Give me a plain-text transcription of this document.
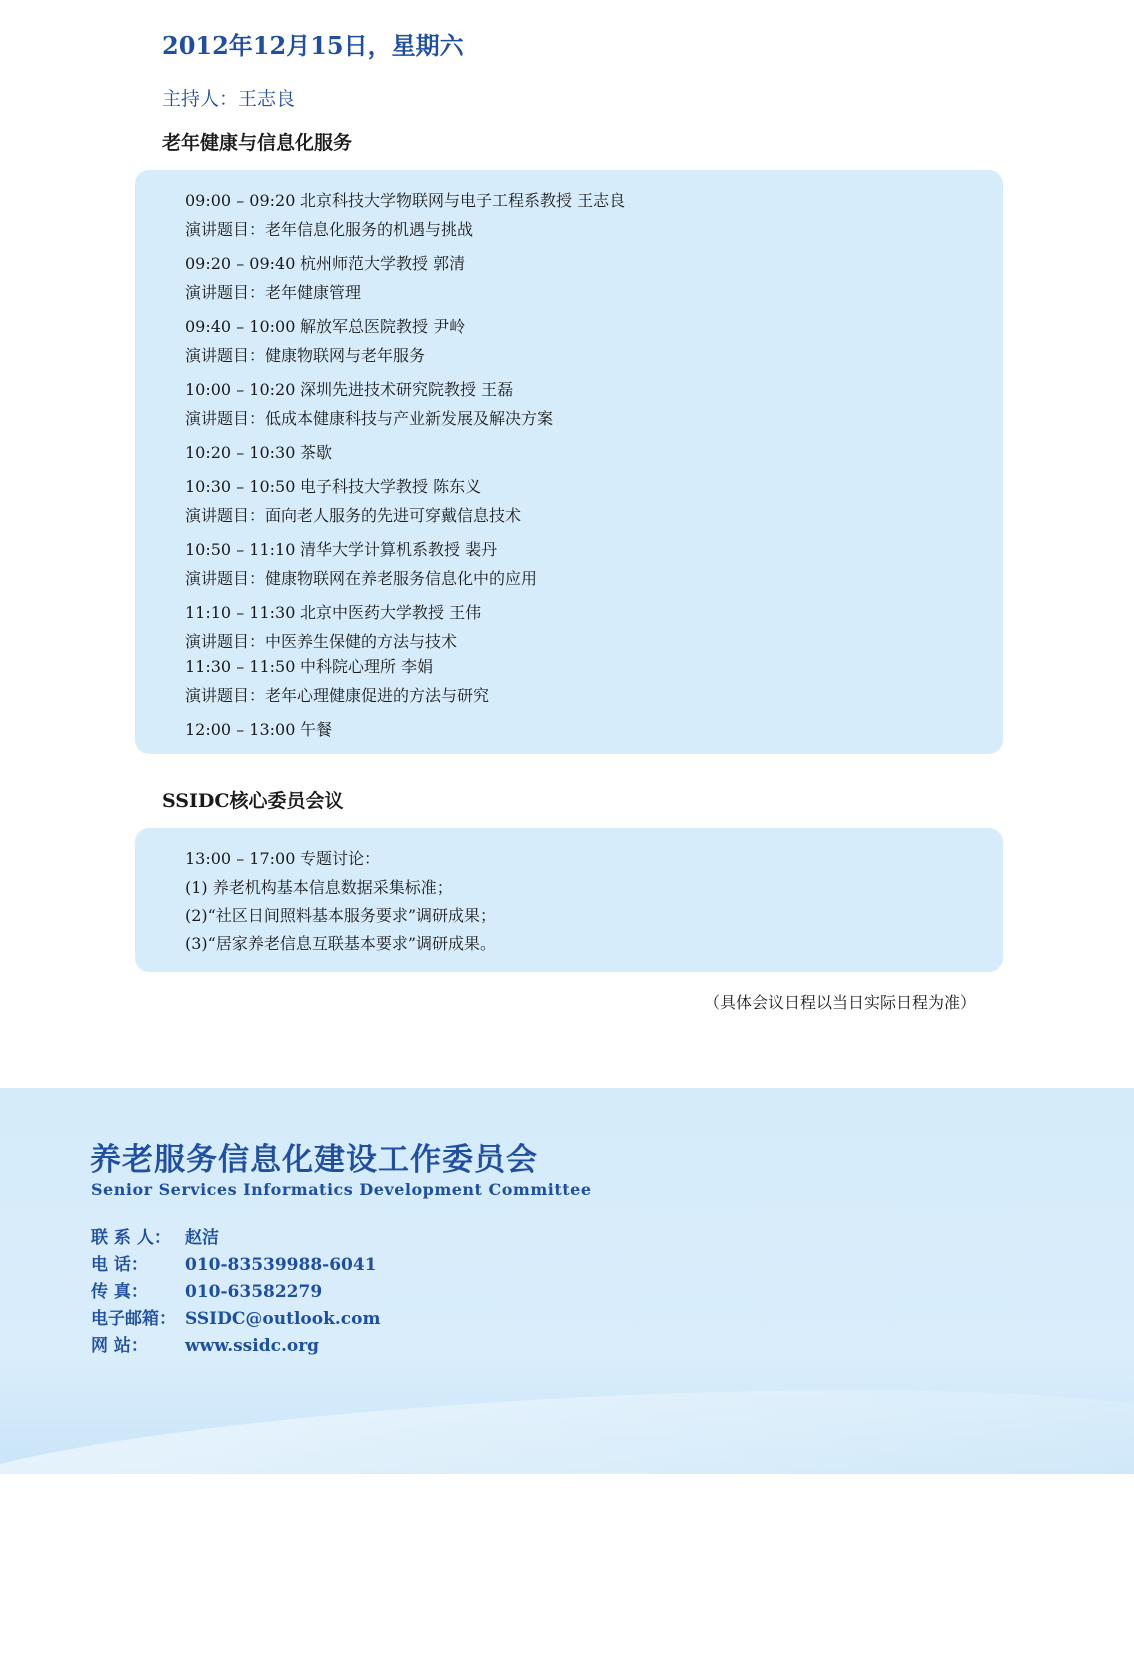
2012年12月15日，星期六
主持人：王志良
老年健康与信息化服务
09:00 – 09:20 北京科技大学物联网与电子工程系教授 王志良
演讲题目：老年信息化服务的机遇与挑战
09:20 – 09:40 杭州师范大学教授 郭清
演讲题目：老年健康管理
09:40 – 10:00 解放军总医院教授 尹岭
演讲题目：健康物联网与老年服务
10:00 – 10:20 深圳先进技术研究院教授 王磊
演讲题目：低成本健康科技与产业新发展及解决方案
10:20 – 10:30 茶歇
10:30 – 10:50 电子科技大学教授 陈东义
演讲题目：面向老人服务的先进可穿戴信息技术
10:50 – 11:10 清华大学计算机系教授 裴丹
演讲题目：健康物联网在养老服务信息化中的应用
11:10 – 11:30 北京中医药大学教授 王伟
演讲题目：中医养生保健的方法与技术
11:30 – 11:50 中科院心理所 李娟
演讲题目：老年心理健康促进的方法与研究
12:00 – 13:00 午餐
SSIDC核心委员会议
13:00 – 17:00 专题讨论：
(1) 养老机构基本信息数据采集标准；
(2)“社区日间照料基本服务要求”调研成果；
(3)“居家养老信息互联基本要求”调研成果。
（具体会议日程以当日实际日程为准）
养老服务信息化建设工作委员会
Senior Services Informatics Development Committee
联 系 人： 赵洁
电 话： 010-83539988-6041
传 真： 010-63582279
电子邮箱： SSIDC@outlook.com
网 站： www.ssidc.org
